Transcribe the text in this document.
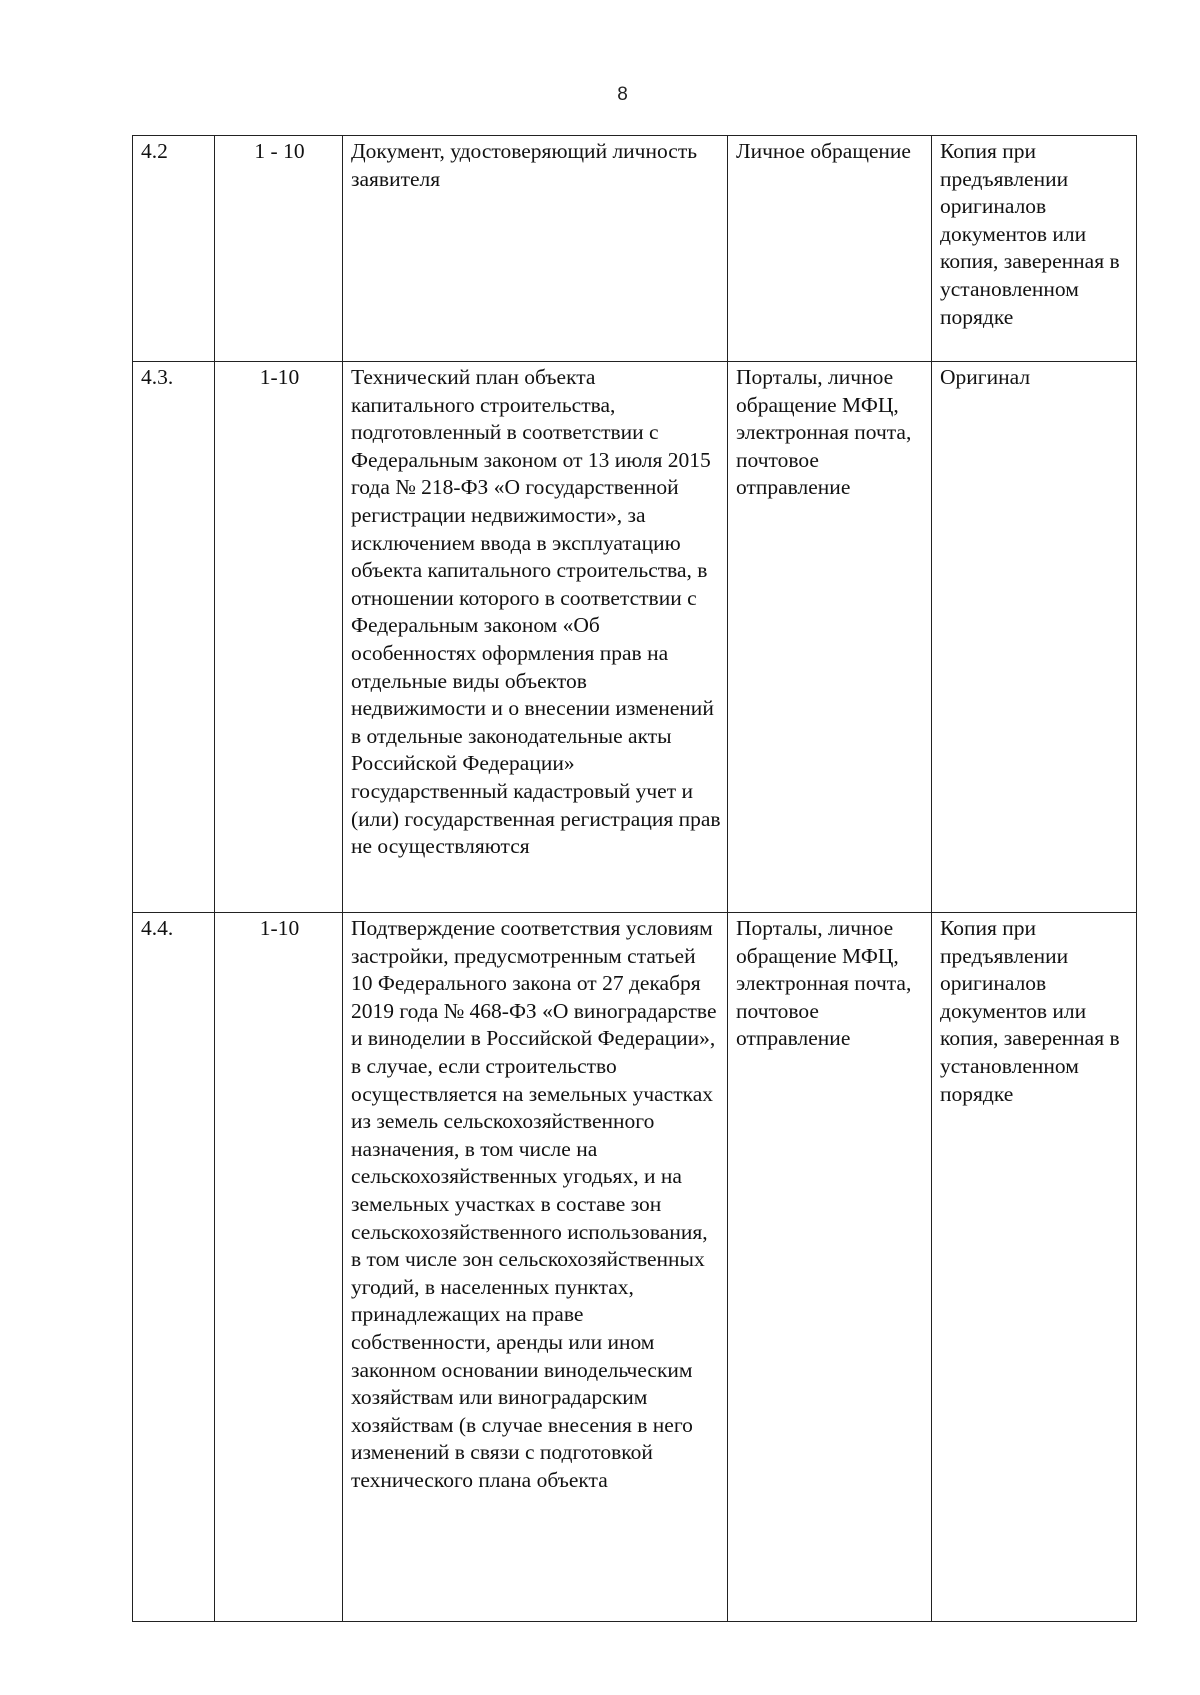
8
4.2	1 - 10	Документ, удостоверяющий личность заявителя	Личное обращение	Копия при предъявлении оригиналов документов или копия, заверенная в установленном порядке

4.3.	1-10	Технический план объекта капитального строительства, подготовленный в соответствии с Федеральным законом от 13 июля 2015 года № 218-ФЗ «О государственной регистрации недвижимости», за исключением ввода в эксплуатацию объекта капитального строительства, в отношении которого в соответствии с Федеральным законом «Об особенностях оформления прав на отдельные виды объектов недвижимости и о внесении изменений в отдельные законодательные акты Российской Федерации» государственный кадастровый учет и (или) государственная регистрация прав не осуществляются	Порталы, личное обращение МФЦ, электронная почта, почтовое отправление	Оригинал

4.4.	1-10	Подтверждение соответствия условиям застройки, предусмотренным статьей 10 Федерального закона от 27 декабря 2019 года № 468-ФЗ «О виноградарстве и виноделии в Российской Федерации», в случае, если строительство осуществляется на земельных участках из земель сельскохозяйственного назначения, в том числе на сельскохозяйственных угодьях, и на земельных участках в составе зон сельскохозяйственного использования, в том числе зон сельскохозяйственных угодий, в населенных пунктах, принадлежащих на праве собственности, аренды или ином законном основании винодельческим хозяйствам или виноградарским хозяйствам (в случае внесения в него изменений в связи с подготовкой технического плана объекта	Порталы, личное обращение МФЦ, электронная почта, почтовое отправление	Копия при предъявлении оригиналов документов или копия, заверенная в установленном порядке
